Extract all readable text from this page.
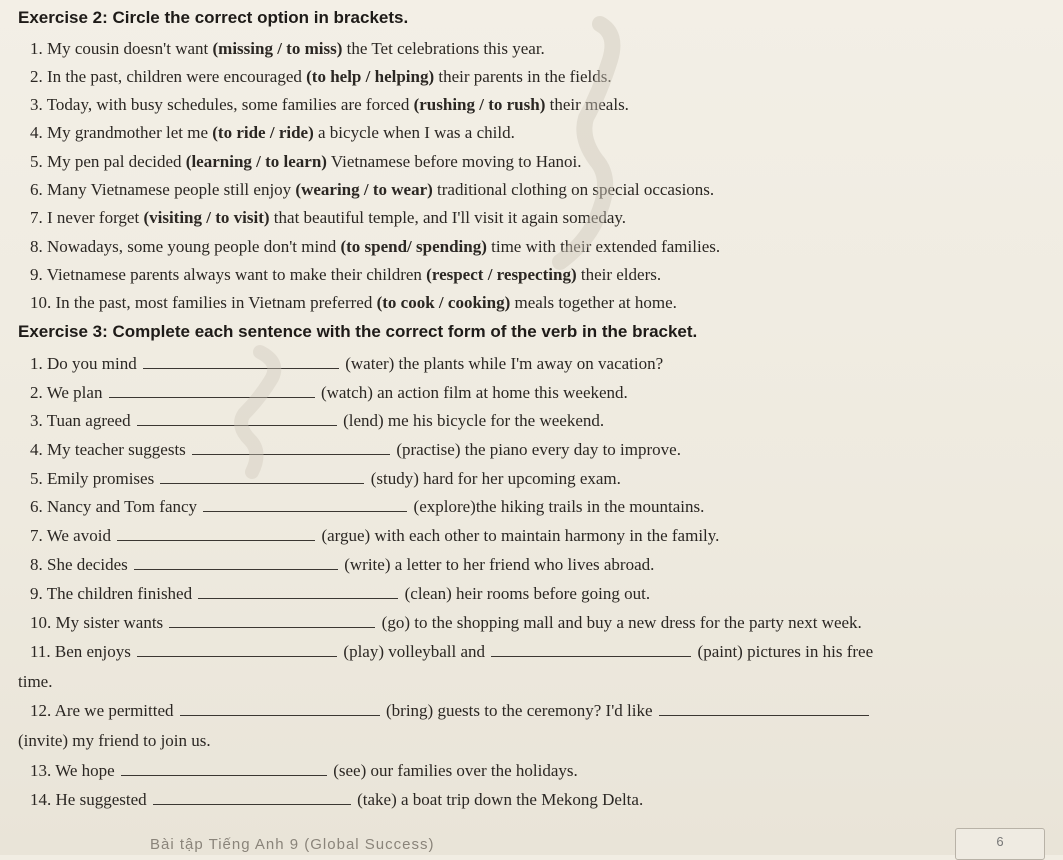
Exercise 2: Circle the correct option in brackets.
1. My cousin doesn't want (missing / to miss) the Tet celebrations this year.
2. In the past, children were encouraged (to help / helping) their parents in the fields.
3. Today, with busy schedules, some families are forced (rushing / to rush) their meals.
4. My grandmother let me (to ride / ride) a bicycle when I was a child.
5. My pen pal decided (learning / to learn) Vietnamese before moving to Hanoi.
6. Many Vietnamese people still enjoy (wearing / to wear) traditional clothing on special occasions.
7. I never forget (visiting / to visit) that beautiful temple, and I'll visit it again someday.
8. Nowadays, some young people don't mind (to spend/ spending) time with their extended families.
9. Vietnamese parents always want to make their children (respect / respecting) their elders.
10. In the past, most families in Vietnam preferred (to cook / cooking) meals together at home.
Exercise 3: Complete each sentence with the correct form of the verb in the bracket.
1. Do you mind	(water) the plants while I'm away on vacation?
2. We plan	(watch) an action film at home this weekend.
3. Tuan agreed	(lend) me his bicycle for the weekend.
4. My teacher suggests	(practise) the piano every day to improve.
5. Emily promises	(study) hard for her upcoming exam.
6. Nancy and Tom fancy	(explore)the hiking trails in the mountains.
7. We avoid	(argue) with each other to maintain harmony in the family.
8. She decides	(write) a letter to her friend who lives abroad.
9. The children finished	(clean) heir rooms before going out.
10. My sister wants	(go) to the shopping mall and buy a new dress for the party next week.
11. Ben enjoys	(play) volleyball and	(paint) pictures in his free
time.
12. Are we permitted	(bring) guests to the ceremony? I'd like
(invite) my friend to join us.
13. We hope	(see) our families over the holidays.
14. He suggested	(take) a boat trip down the Mekong Delta.
Bài tập Tiếng Anh 9 (Global Success)	6
